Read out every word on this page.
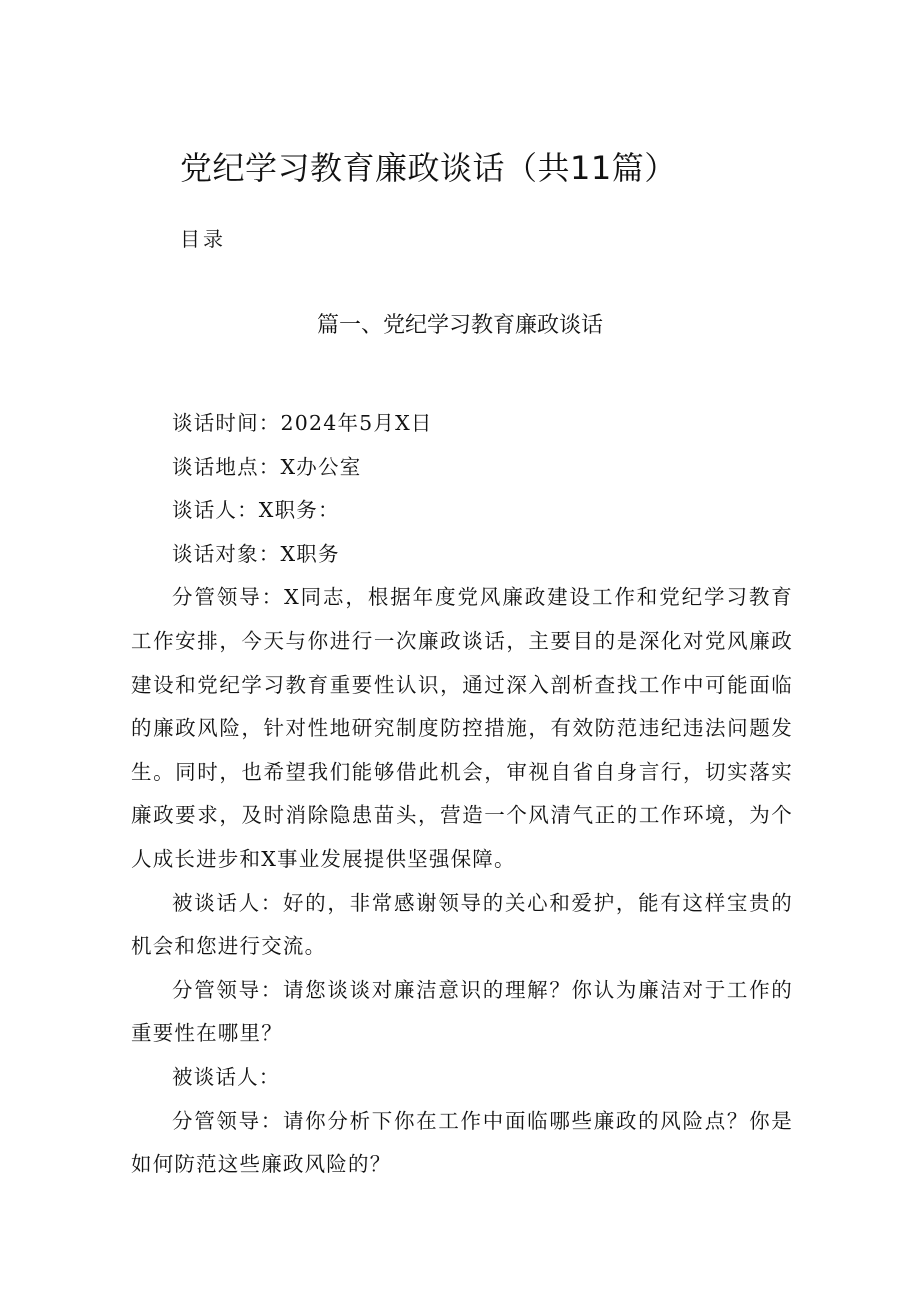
党纪学习教育廉政谈话（共11篇）
目录
篇一、党纪学习教育廉政谈话

谈话时间：2024年5月X日

谈话地点：X办公室

谈话人：X职务：

谈话对象：X职务

分管领导：X同志，根据年度党风廉政建设工作和党纪学习教育工作安排，今天与你进行一次廉政谈话，主要目的是深化对党风廉政建设和党纪学习教育重要性认识，通过深入剖析查找工作中可能面临的廉政风险，针对性地研究制度防控措施，有效防范违纪违法问题发生。同时，也希望我们能够借此机会，审视自省自身言行，切实落实廉政要求，及时消除隐患苗头，营造一个风清气正的工作环境，为个人成长进步和X事业发展提供坚强保障。

被谈话人：好的，非常感谢领导的关心和爱护，能有这样宝贵的机会和您进行交流。

分管领导：请您谈谈对廉洁意识的理解？你认为廉洁对于工作的重要性在哪里？

被谈话人：

分管领导：请你分析下你在工作中面临哪些廉政的风险点？你是如何防范这些廉政风险的？
